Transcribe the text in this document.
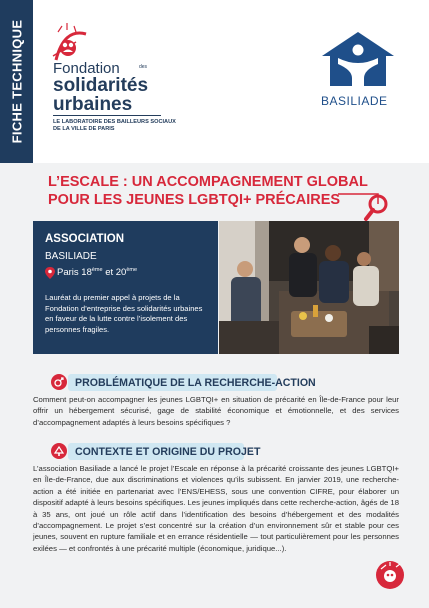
FICHE TECHNIQUE Fondation	des
solidarités
urbaines
LE LABORATOIRE DES BAILLEURS SOCIAUX
DE LA VILLE DE PARIS
BASILIADE
L’ESCALE : UN ACCOMPAGNEMENT GLOBAL
POUR LES JEUNES LGBTQI+ PRÉCAIRES
ASSOCIATION
BASILIADE
Paris 18ème et 20ème
Lauréat du premier appel à projets de la Fondation d’entreprise des solidarités urbaines en faveur de la lutte contre l’isolement des personnes fragiles.
PROBLÉMATIQUE DE LA RECHERCHE-ACTION

Comment peut-on accompagner les jeunes LGBTQI+ en situation de précarité en Île-de-France pour leur offrir un hébergement sécurisé, gage de stabilité économique et émotionnelle, et des services d’accompagnement adaptés à leurs besoins spécifiques ?

CONTEXTE ET ORIGINE DU PROJET

L’association Basiliade a lancé le projet l’Escale en réponse à la précarité croissante des jeunes LGBTQI+ en Île-de-France, due aux discriminations et violences qu’ils subissent. En janvier 2019, une recherche-action a été initiée en partenariat avec l’ENS/EHESS, sous une convention CIFRE, pour élaborer un dispositif adapté à leurs besoins spécifiques. Les jeunes impliqués dans cette recherche-action, âgés de 18 à 35 ans, ont joué un rôle actif dans l’identification des besoins d’hébergement et des modalités d’accompagnement. Le projet s’est concentré sur la création d’un environnement sûr et stable pour ces jeunes, souvent en rupture familiale et en errance résidentielle — tout particulièrement pour les personnes exilées — et confrontés à une précarité multiple (économique, juridique...).
